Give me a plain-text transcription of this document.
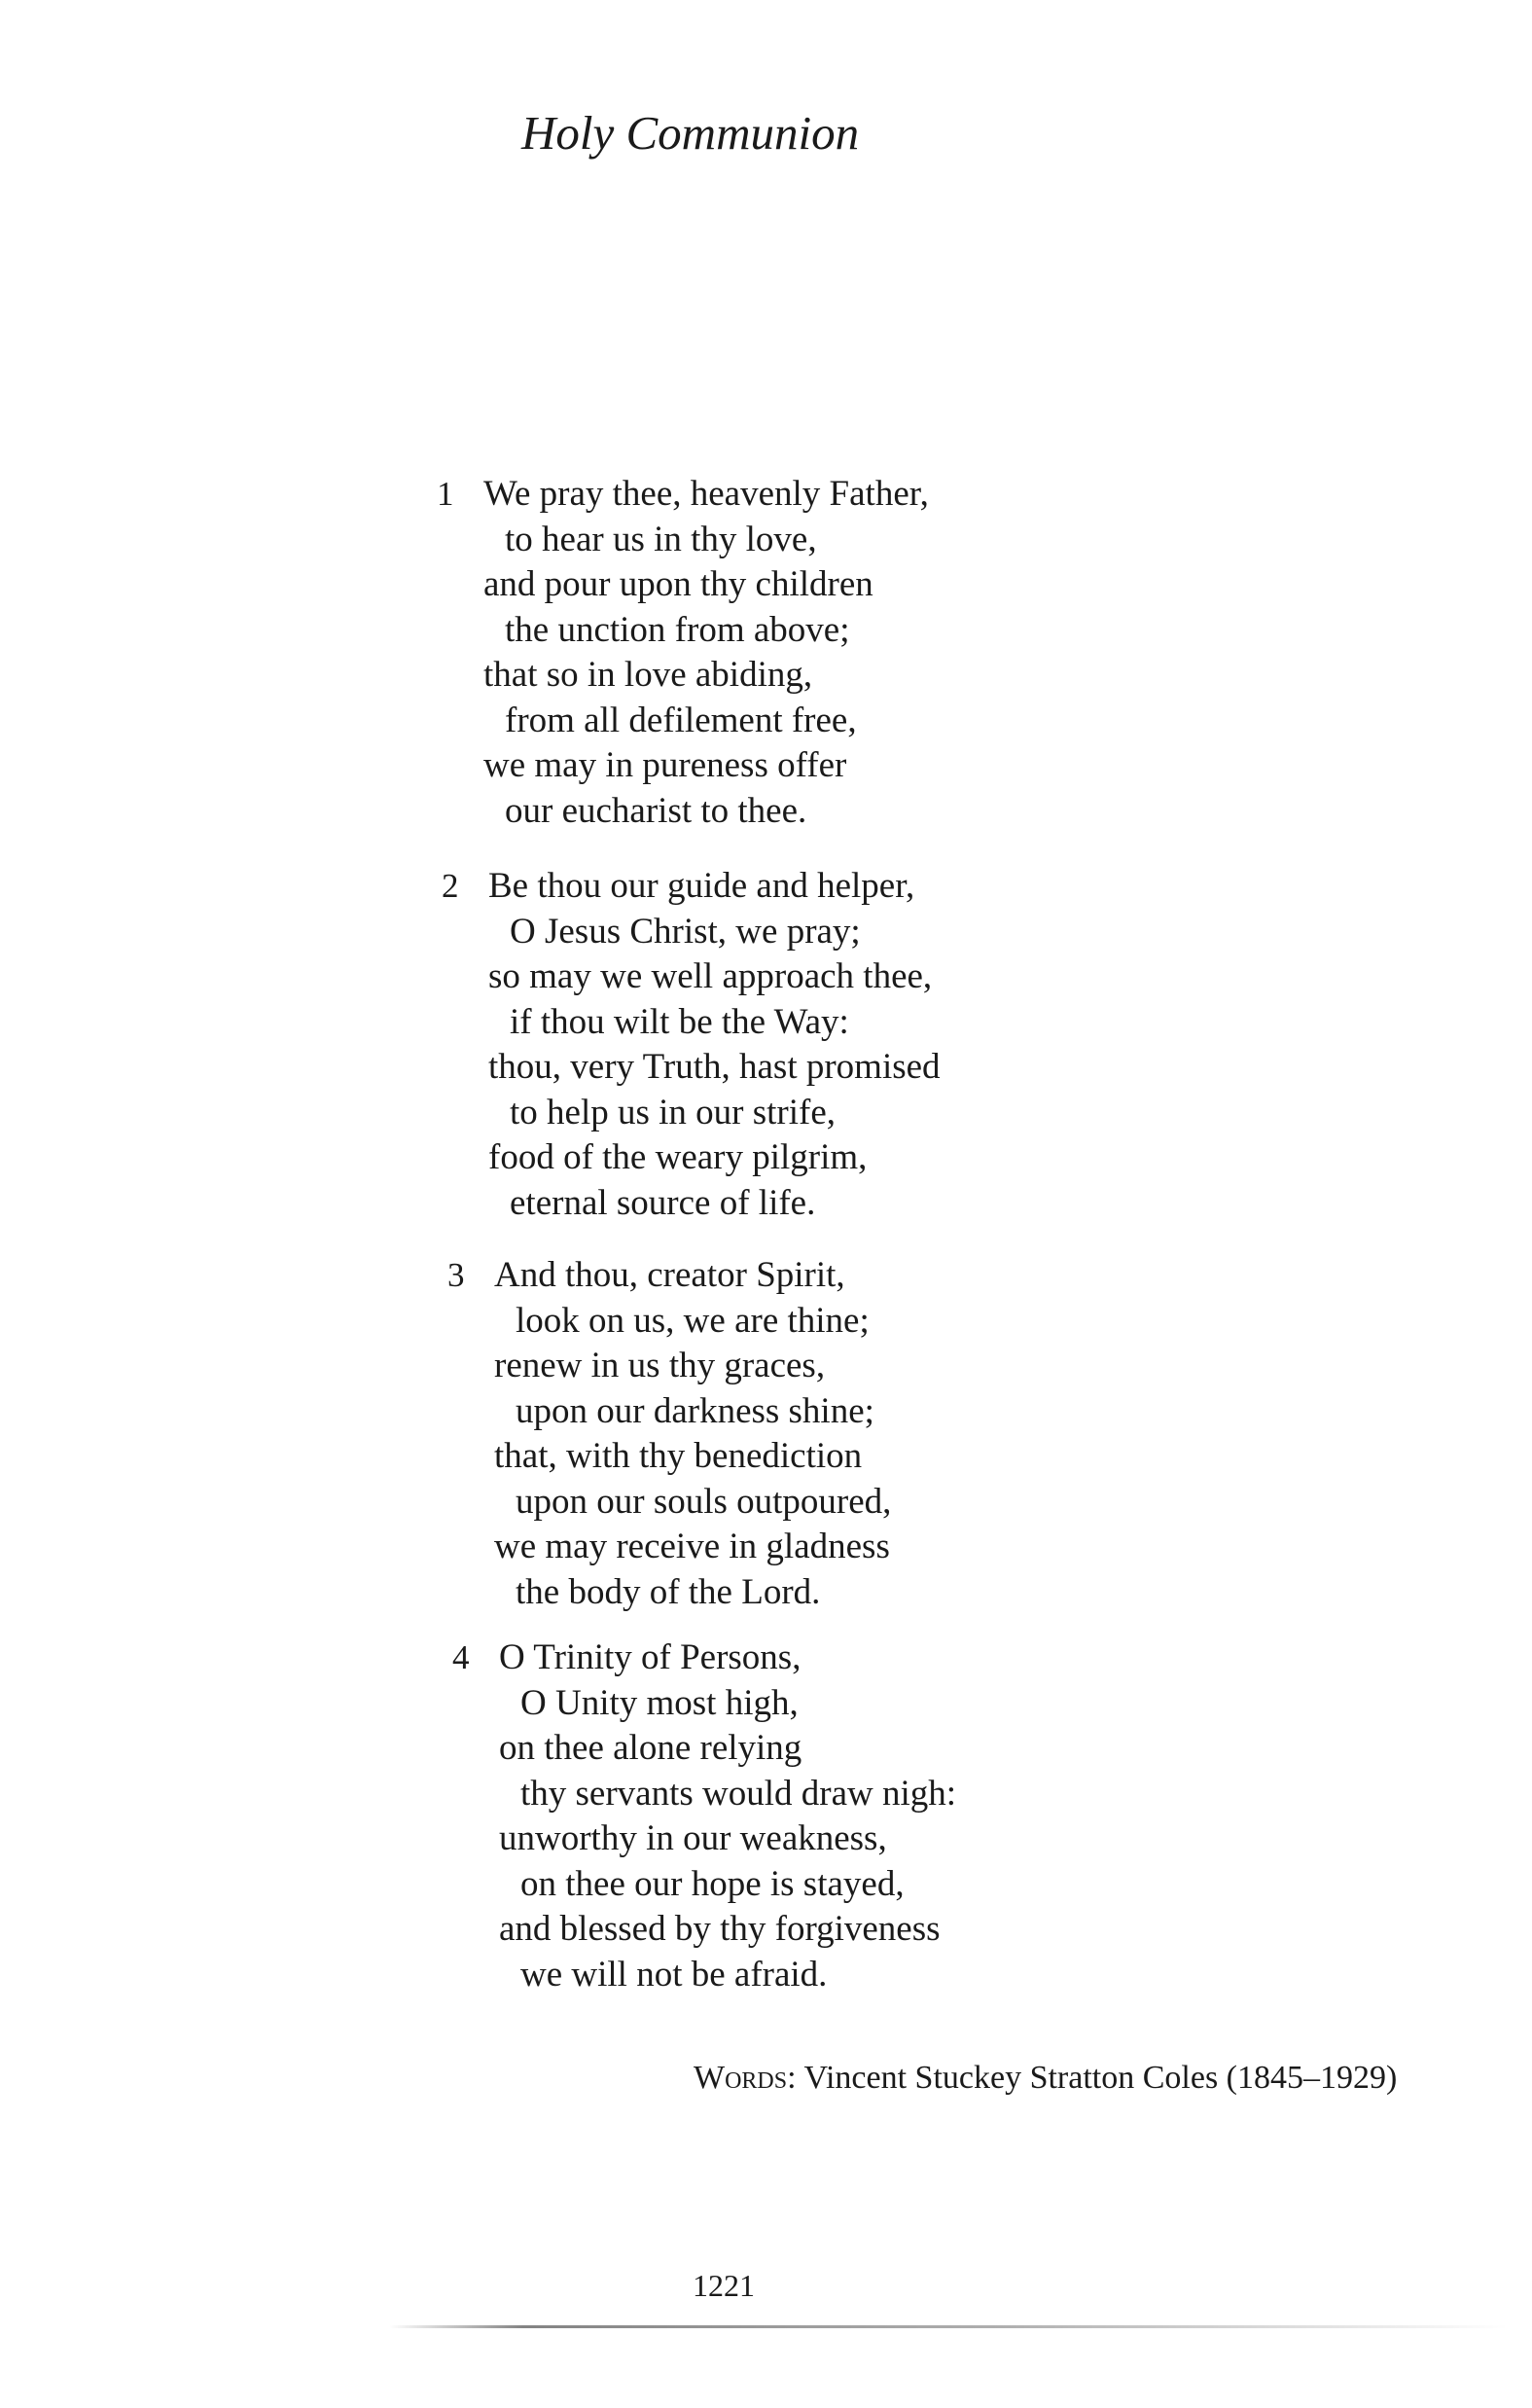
Holy Communion
1 We pray thee, heavenly Father,
to hear us in thy love,
and pour upon thy children
the unction from above;
that so in love abiding,
from all defilement free,
we may in pureness offer
our eucharist to thee.
2 Be thou our guide and helper,
O Jesus Christ, we pray;
so may we well approach thee,
if thou wilt be the Way:
thou, very Truth, hast promised
to help us in our strife,
food of the weary pilgrim,
eternal source of life.
3 And thou, creator Spirit,
look on us, we are thine;
renew in us thy graces,
upon our darkness shine;
that, with thy benediction
upon our souls outpoured,
we may receive in gladness
the body of the Lord.
4 O Trinity of Persons,
O Unity most high,
on thee alone relying
thy servants would draw nigh:
unworthy in our weakness,
on thee our hope is stayed,
and blessed by thy forgiveness
we will not be afraid.
Words: Vincent Stuckey Stratton Coles (1845–1929)
1221
